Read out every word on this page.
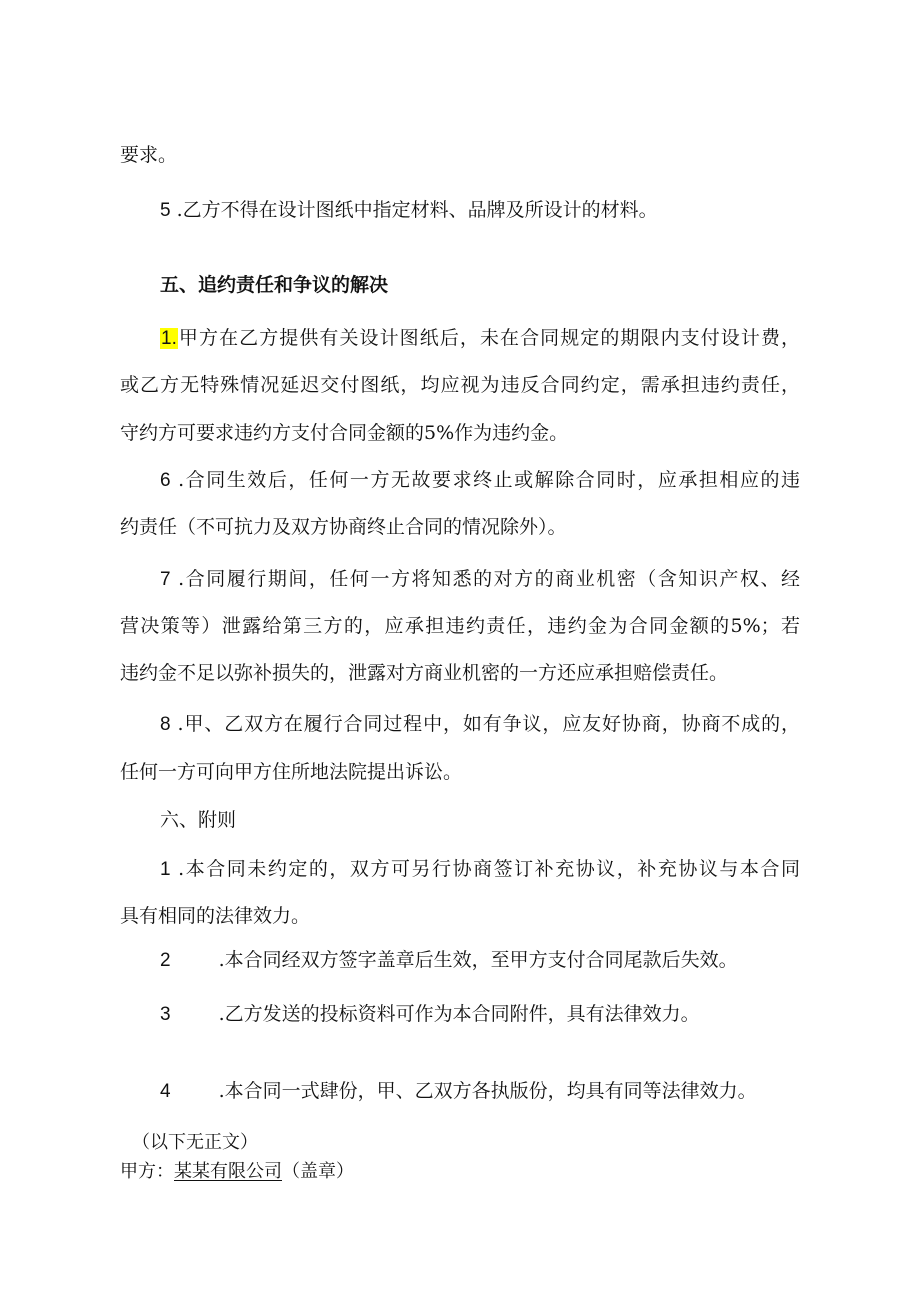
要求。
5 .乙方不得在设计图纸中指定材料、品牌及所设计的材料。
五、追约责任和争议的解决
1.甲方在乙方提供有关设计图纸后，未在合同规定的期限内支付设计费，
或乙方无特殊情况延迟交付图纸，均应视为违反合同约定，需承担违约责任，
守约方可要求违约方支付合同金额的5%作为违约金。
6 .合同生效后，任何一方无故要求终止或解除合同时，应承担相应的违
约责任（不可抗力及双方协商终止合同的情况除外）。
7 .合同履行期间，任何一方将知悉的对方的商业机密（含知识产权、经
营决策等）泄露给第三方的，应承担违约责任，违约金为合同金额的5%；若
违约金不足以弥补损失的，泄露对方商业机密的一方还应承担赔偿责任。
8 .甲、乙双方在履行合同过程中，如有争议，应友好协商，协商不成的，
任何一方可向甲方住所地法院提出诉讼。
六、附则
1 .本合同未约定的，双方可另行协商签订补充协议，补充协议与本合同
具有相同的法律效力。
2	.本合同经双方签字盖章后生效，至甲方支付合同尾款后失效。
3	.乙方发送的投标资料可作为本合同附件，具有法律效力。
4	.本合同一式肆份，甲、乙双方各执版份，均具有同等法律效力。
（以下无正文）
甲方：某某有限公司（盖章）
